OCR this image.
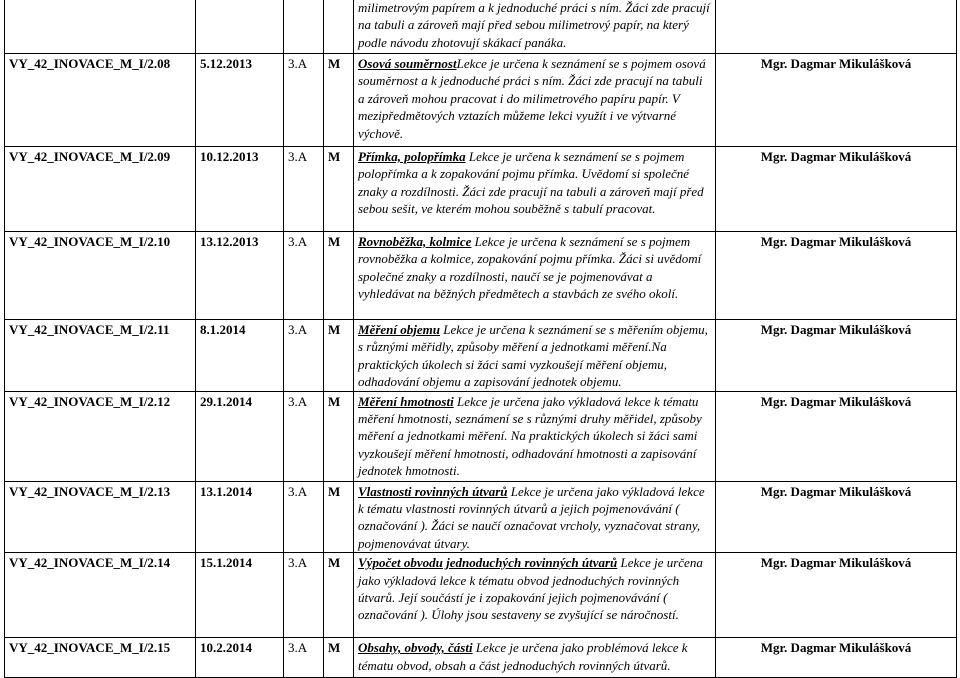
				milimetrovým papírem a k jednoduché práci s ním. Žáci zde pracují na tabuli a zároveň mají před sebou milimetrový papír, na který podle návodu zhotovují skákací panáka.	
VY_42_INOVACE_M_I/2.08	5.12.2013	3.A	M	Osová souměrnostLekce je určena k seznámení se s pojmem osová souměrnost a k jednoduché práci s ním. Žáci zde pracují na tabuli a zároveň mohou pracovat i do milimetrového papíru papír. V mezipředmětových vztazích můžeme lekci využít i ve výtvarné výchově.	Mgr. Dagmar Mikulášková
VY_42_INOVACE_M_I/2.09	10.12.2013	3.A	M	Přímka, polopřímka Lekce je určena k seznámení se s pojmem polopřímka a k zopakování pojmu přímka. Uvědomí si společné znaky a rozdílnosti. Žáci zde pracují na tabuli a zároveň mají před sebou sešit, ve kterém mohou souběžně s tabulí pracovat.	Mgr. Dagmar Mikulášková
VY_42_INOVACE_M_I/2.10	13.12.2013	3.A	M	Rovnoběžka, kolmice Lekce je určena k seznámení se s pojmem rovnoběžka a kolmice, zopakování pojmu přímka. Žáci si uvědomí společné znaky a rozdílnosti, naučí se je pojmenovávat a vyhledávat na běžných předmětech a stavbách ze svého okolí.	Mgr. Dagmar Mikulášková
VY_42_INOVACE_M_I/2.11	8.1.2014	3.A	M	Měření objemu Lekce je určena k seznámení se s měřením objemu, s různými měřidly, způsoby měření a jednotkami měření.Na praktických úkolech si žáci sami vyzkoušejí měření objemu, odhadování objemu a zapisování jednotek objemu.	Mgr. Dagmar Mikulášková
VY_42_INOVACE_M_I/2.12	29.1.2014	3.A	M	Měření hmotnosti Lekce je určena jako výkladová lekce k tématu měření hmotnosti, seznámení se s různými druhy měřidel, způsoby měření a jednotkami měření. Na praktických úkolech si žáci sami vyzkoušejí měření hmotnosti, odhadování hmotnosti a zapisování jednotek hmotnosti.	Mgr. Dagmar Mikulášková
VY_42_INOVACE_M_I/2.13	13.1.2014	3.A	M	Vlastnosti rovinných útvarů Lekce je určena jako výkladová lekce k tématu vlastnosti rovinných útvarů a jejich pojmenovávání ( označování ). Žáci se naučí označovat vrcholy, vyznačovat strany, pojmenovávat útvary.	Mgr. Dagmar Mikulášková
VY_42_INOVACE_M_I/2.14	15.1.2014	3.A	M	Výpočet obvodu jednoduchých rovinných útvarů Lekce je určena jako výkladová lekce k tématu obvod jednoduchých rovinných útvarů. Její součástí je i zopakování jejich pojmenovávání ( označování ). Úlohy jsou sestaveny se zvyšující se náročností.	Mgr. Dagmar Mikulášková
VY_42_INOVACE_M_I/2.15	10.2.2014	3.A	M	Obsahy, obvody, části Lekce je určena jako problémová lekce k tématu obvod, obsah a část jednoduchých rovinných útvarů.	Mgr. Dagmar Mikulášková
